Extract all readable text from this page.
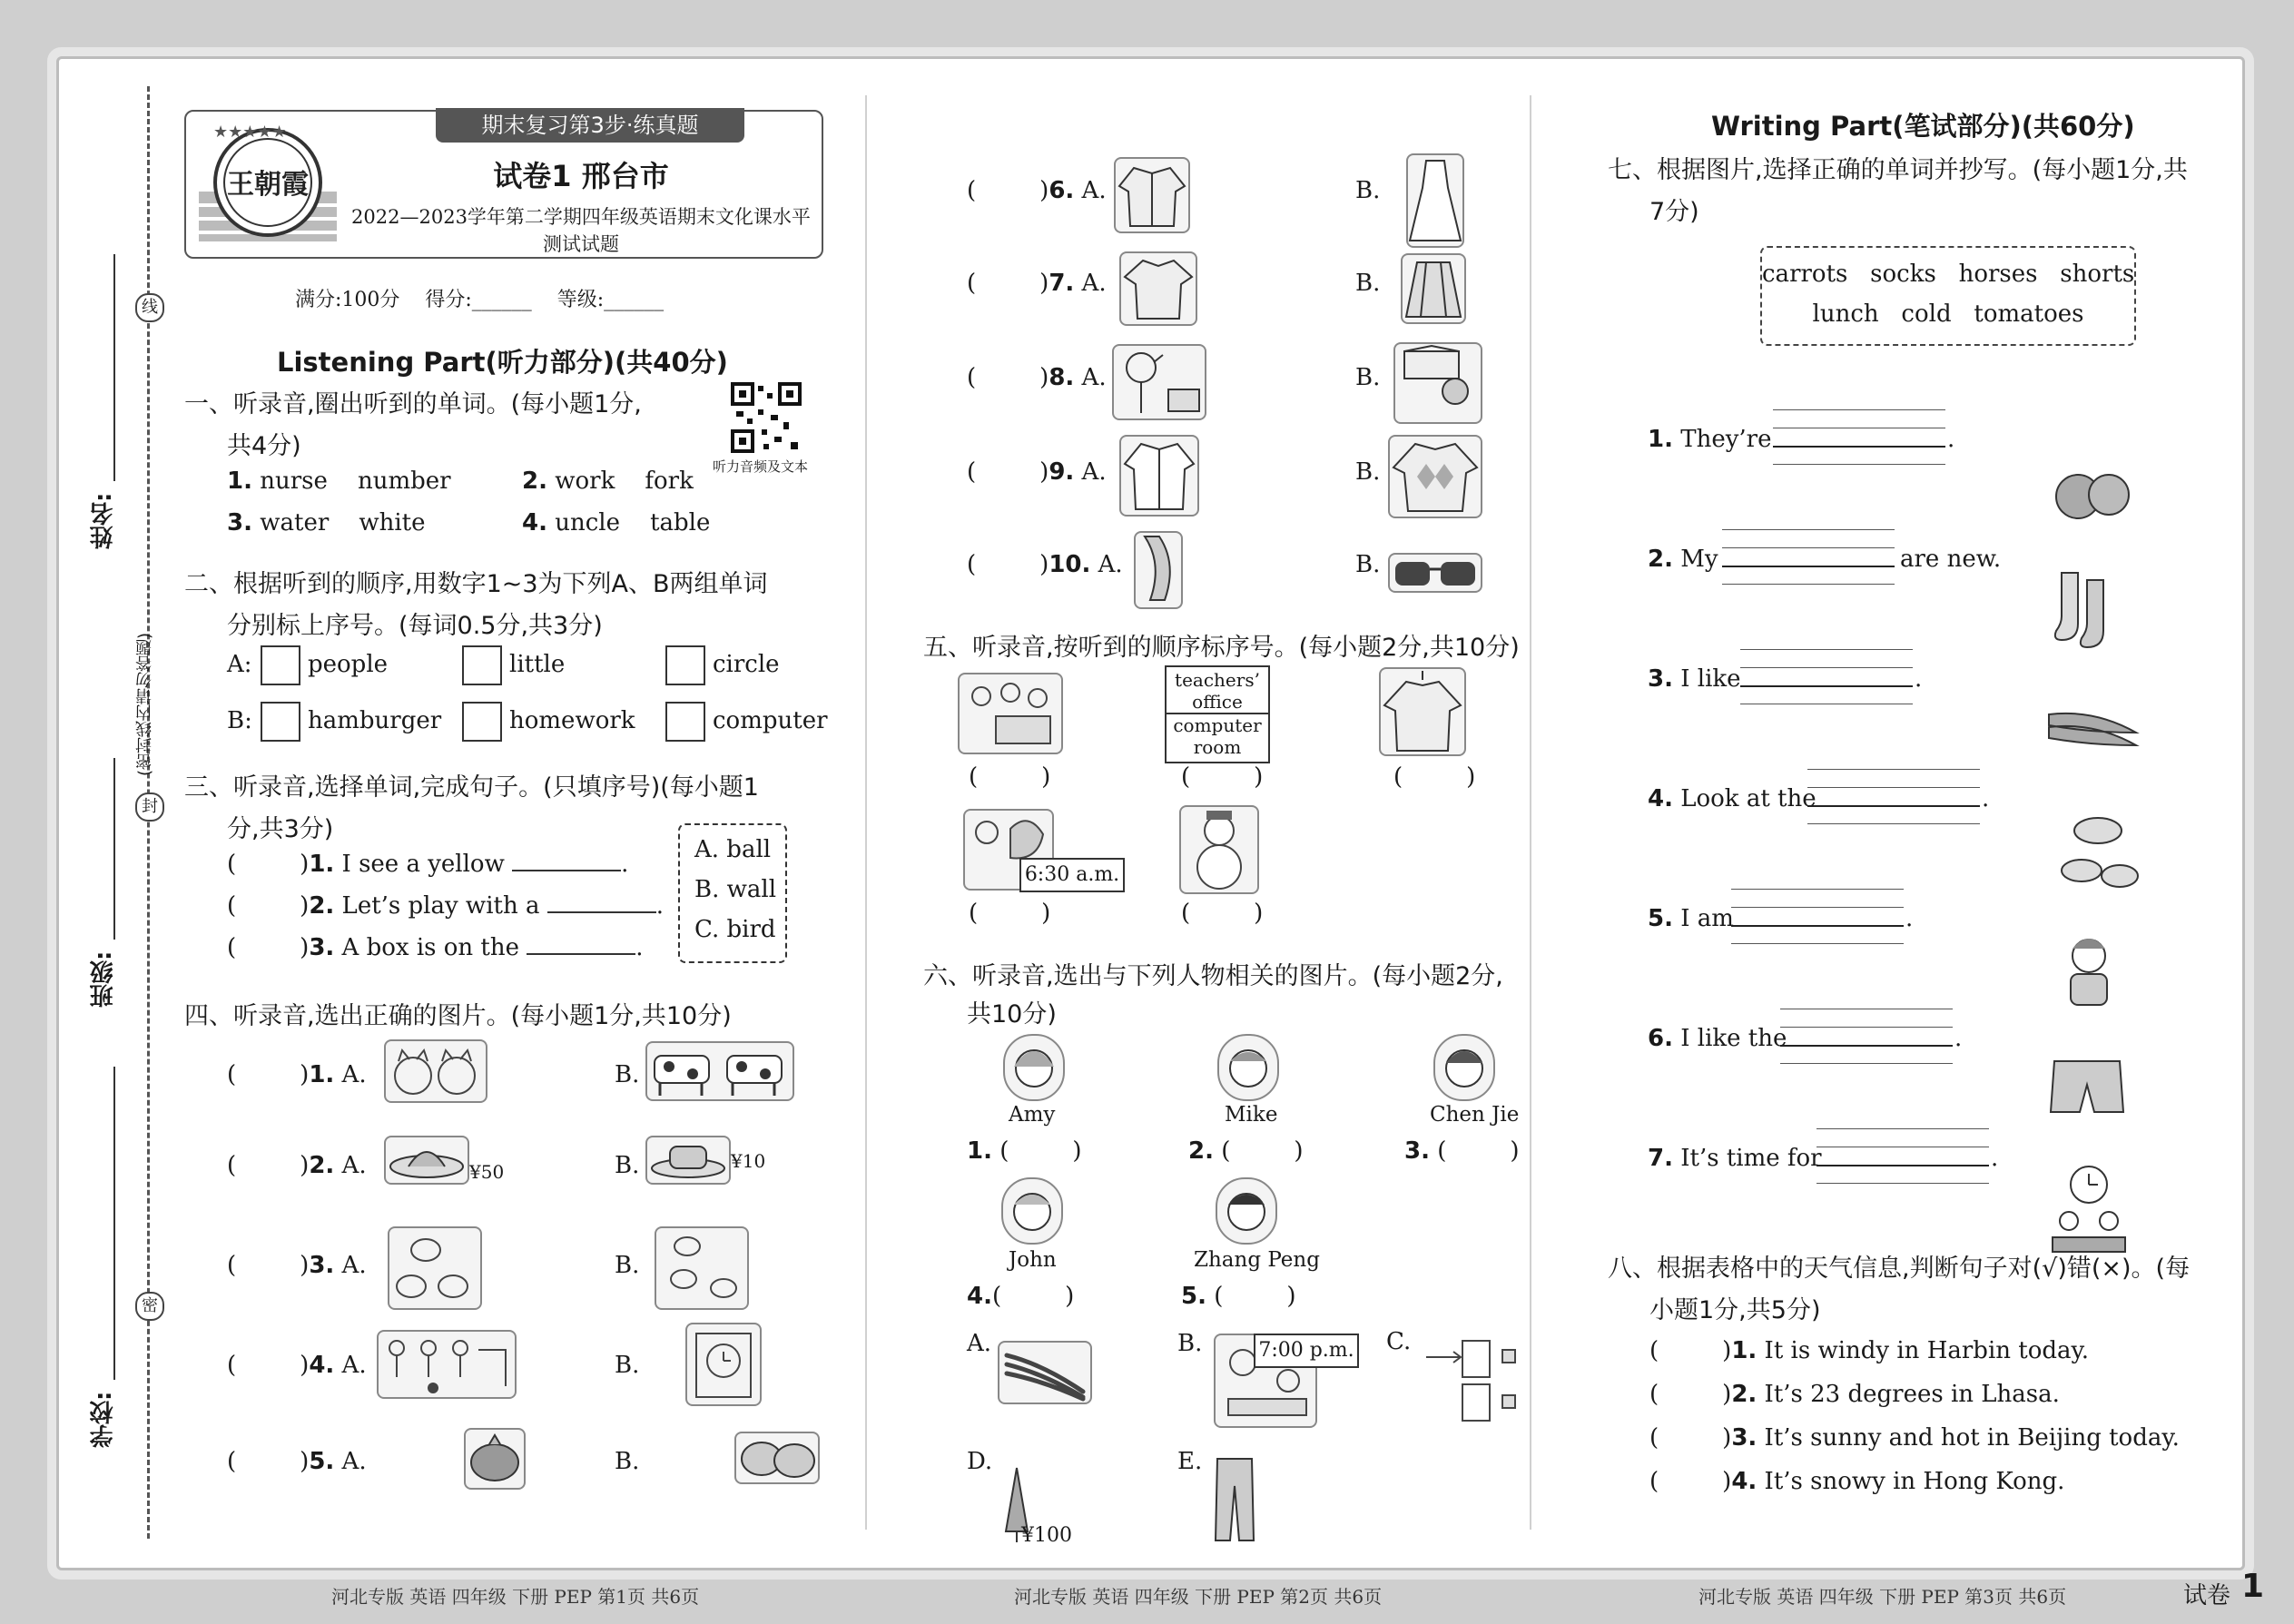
线
封
密
(密封线内请勿答题)
姓名:
班级:
学校:
★★★★★
王朝霞
期末复习第3步·练真题
试卷1 邢台市
2022—2023学年第二学期四年级英语期末文化课水平测试试题
满分:100分    得分:______    等级:______
Listening Part(听力部分)(共40分)
听力音频及文本
一、听录音,圈出听到的单词。(每小题1分,
共4分)
1. nurse number	2. work fork
3. water white	4. uncle table
二、根据听到的顺序,用数字1~3为下列A、B两组单词
分别标上序号。(每词0.5分,共3分)
A:	people	little	circle
B:	hamburger	homework	computer
三、听录音,选择单词,完成句子。(只填序号)(每小题1
分,共3分)
(	)1. I see a yellow	.
(	)2. Let’s play with a	.
(	)3. A box is on the	.
A. ball
B. wall
C. bird
四、听录音,选出正确的图片。(每小题1分,共10分)
(	)1. A.	B.
(	)2. A.	¥50	B.	¥10
(	)3. A.	B.
(	)4. A.	B.
(	)5. A.	B.
河北专版 英语 四年级 下册 PEP 第1页 共6页
(	)6. A.	B.
(	)7. A.	B.
(	)8. A.	B.
(	)9. A.	B.
(	)10. A.	B.
五、听录音,按听到的顺序标序号。(每小题2分,共10分)
teachers’
office
computer
room
(	)	(	)	(	)
6:30 a.m.
(	)	(	)
六、听录音,选出与下列人物相关的图片。(每小题2分,
共10分)
Amy
1. (	)
Mike
2. (	)
Chen Jie
3. (	)
John
4.(	)
Zhang Peng
5. (	)
A.	B.	7:00 p.m. C.
D.
¥100
E.
河北专版 英语 四年级 下册 PEP 第2页 共6页
Writing Part(笔试部分)(共60分)
七、根据图片,选择正确的单词并抄写。(每小题1分,共
7分)
carrots   socks   horses   shorts
lunch   cold   tomatoes
1. They’re	.
2. My	are new.
3. I like	.
4. Look at the	.
5. I am	.
6. I like the	.
7. It’s time for	.
八、根据表格中的天气信息,判断句子对(√)错(×)。(每
小题1分,共5分)
(	)1. It is windy in Harbin today.
(	)2. It’s 23 degrees in Lhasa.
(	)3. It’s sunny and hot in Beijing today.
(	)4. It’s snowy in Hong Kong.
河北专版 英语 四年级 下册 PEP 第3页 共6页	试卷 1
